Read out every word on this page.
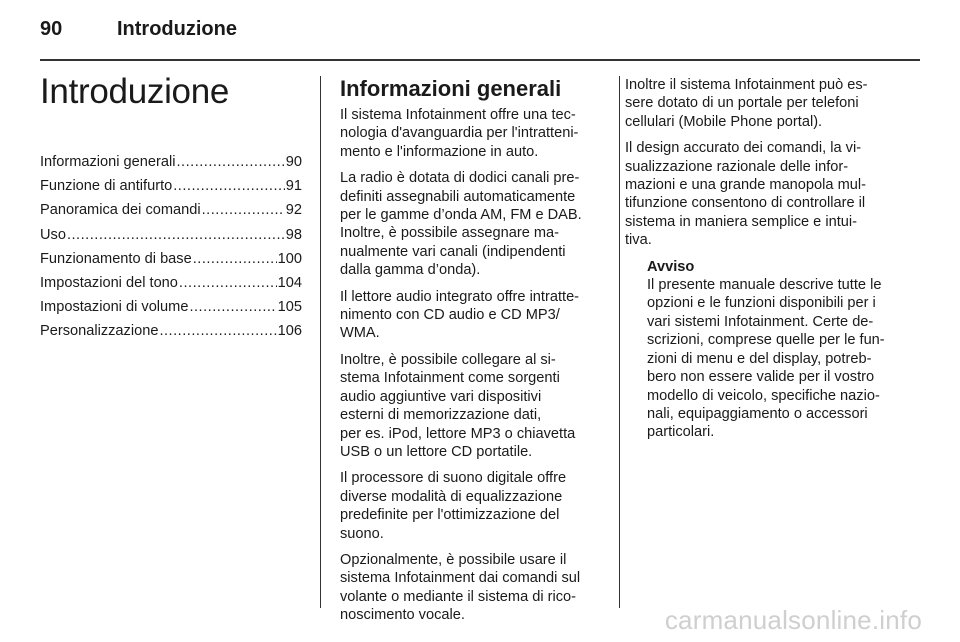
90	Introduzione
Introduzione
Informazioni generali .....	90
Funzione di antifurto .....	91
Panoramica dei comandi .....	92
Uso .....	98
Funzionamento di base .....	100
Impostazioni del tono .....	104
Impostazioni di volume .....	105
Personalizzazione .....	106
Informazioni generali

Il sistema Infotainment offre una tec-
nologia d'avanguardia per l'intratteni-
mento e l'informazione in auto.

La radio è dotata di dodici canali pre-
definiti assegnabili automaticamente
per le gamme d’onda AM, FM e DAB.
Inoltre, è possibile assegnare ma-
nualmente vari canali (indipendenti
dalla gamma d’onda).

Il lettore audio integrato offre intratte-
nimento con CD audio e CD MP3/
WMA.

Inoltre, è possibile collegare al si-
stema Infotainment come sorgenti
audio aggiuntive vari dispositivi
esterni di memorizzazione dati,
per es. iPod, lettore MP3 o chiavetta
USB o un lettore CD portatile.

Il processore di suono digitale offre
diverse modalità di equalizzazione
predefinite per l'ottimizzazione del
suono.

Opzionalmente, è possibile usare il
sistema Infotainment dai comandi sul
volante o mediante il sistema di rico-
noscimento vocale.

Inoltre il sistema Infotainment può es-
sere dotato di un portale per telefoni
cellulari (Mobile Phone portal).

Il design accurato dei comandi, la vi-
sualizzazione razionale delle infor-
mazioni e una grande manopola mul-
tifunzione consentono di controllare il
sistema in maniera semplice e intui-
tiva.

Avviso

Il presente manuale descrive tutte le
opzioni e le funzioni disponibili per i
vari sistemi Infotainment. Certe de-
scrizioni, comprese quelle per le fun-
zioni di menu e del display, potreb-
bero non essere valide per il vostro
modello di veicolo, specifiche nazio-
nali, equipaggiamento o accessori
particolari.

carmanualsonline.info
